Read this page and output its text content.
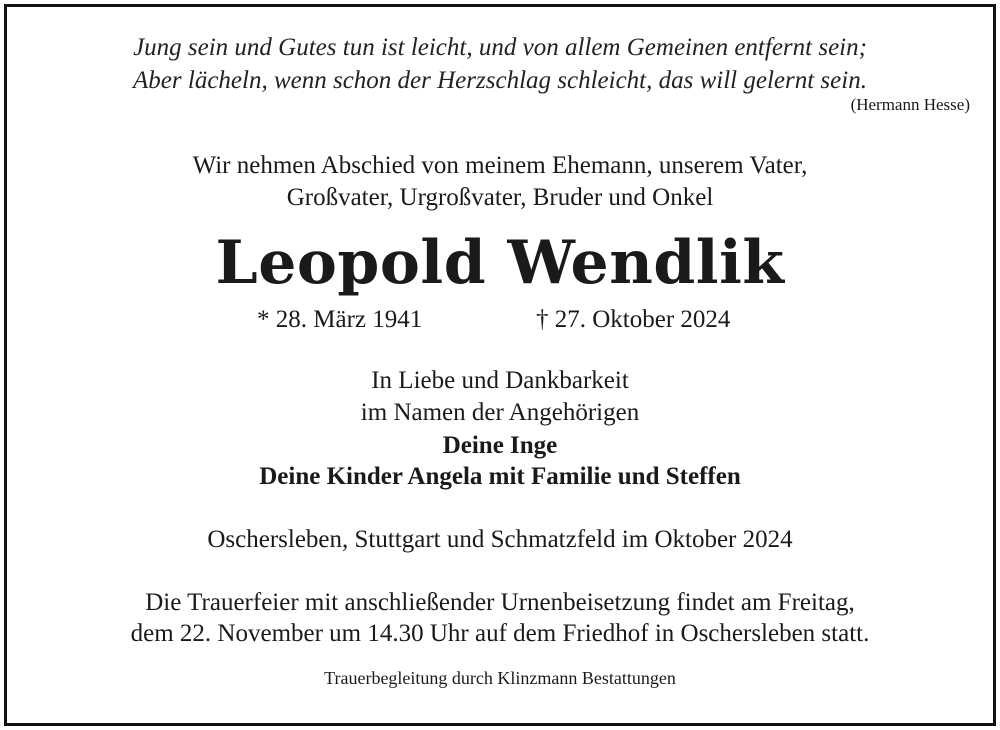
Jung sein und Gutes tun ist leicht, und von allem Gemeinen entfernt sein;
Aber lächeln, wenn schon der Herzschlag schleicht, das will gelernt sein.
(Hermann Hesse)
Wir nehmen Abschied von meinem Ehemann, unserem Vater,
Großvater, Urgroßvater, Bruder und Onkel
Leopold Wendlik
* 28. März 1941	† 27. Oktober 2024
In Liebe und Dankbarkeit
im Namen der Angehörigen
Deine Inge
Deine Kinder Angela mit Familie und Steffen
Oschersleben, Stuttgart und Schmatzfeld im Oktober 2024
Die Trauerfeier mit anschließender Urnenbeisetzung findet am Freitag,
dem 22. November um 14.30 Uhr auf dem Friedhof in Oschersleben statt.
Trauerbegleitung durch Klinzmann Bestattungen
